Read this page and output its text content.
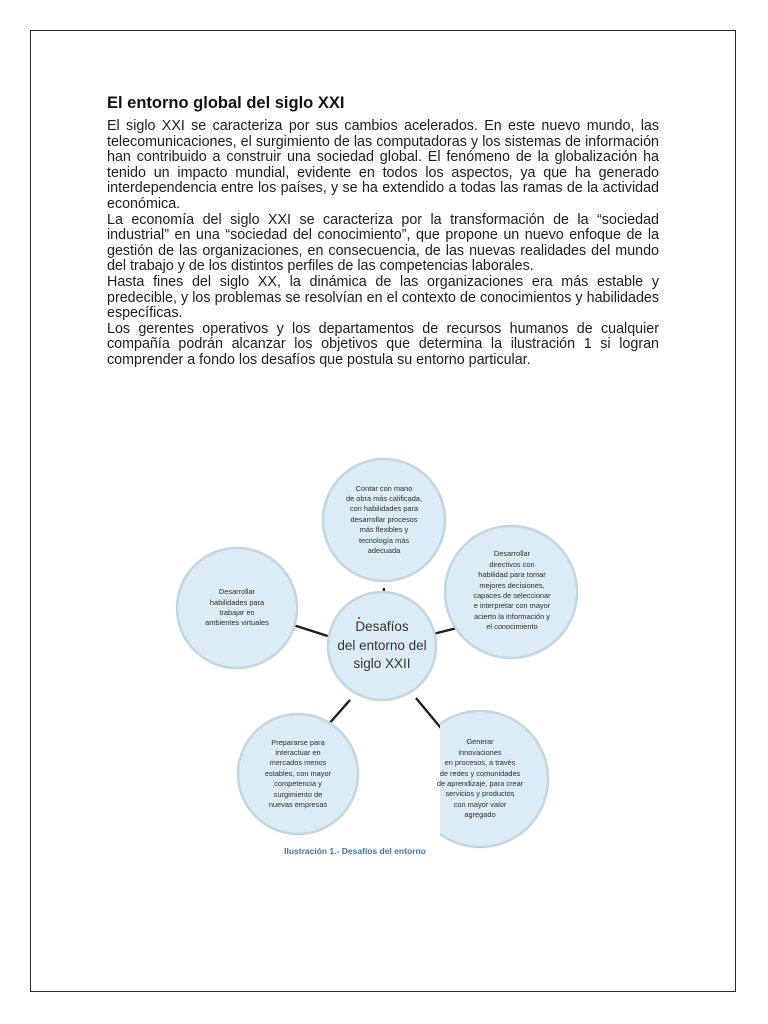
El entorno global del siglo XXI

El siglo XXI se caracteriza por sus cambios acelerados. En este nuevo mundo, las telecomunicaciones, el surgimiento de las computadoras y los sistemas de información han contribuido a construir una sociedad global. El fenómeno de la globalización ha tenido un impacto mundial, evidente en todos los aspectos, ya que ha generado interdependencia entre los países, y se ha extendido a todas las ramas de la actividad económica.

La economía del siglo XXI se caracteriza por la transformación de la “sociedad industrial” en una “sociedad del conocimiento”, que propone un nuevo enfoque de la gestión de las organizaciones, en consecuencia, de las nuevas realidades del mundo del trabajo y de los distintos perfiles de las competencias laborales.

Hasta fines del siglo XX, la dinámica de las organizaciones era más estable y predecible, y los problemas se resolvían en el contexto de conocimientos y habilidades específicas.

Los gerentes operativos y los departamentos de recursos humanos de cualquier compañía podrán alcanzar los objetivos que determina la ilustración 1 si logran comprender a fondo los desafíos que postula su entorno particular.

Contar con mano
de obra más calificada,
con habilidades para
desarrollar procesos
más flexibles y
tecnología más
adecuada
Desarrollar
habilidades para
trabajar en
ambientes virtuales	Desafíos
del entorno del
siglo XXII
Prepararse para
interactuar en
mercados menos
estables, con mayor
competencia y
surgimiento de
nuevas empresas
Desarrollar
directivos con
habilidad para tomar
mejores decisiones,
capaces de seleccionar
e interpretar con mayor
acierto la información y
el conocimiento
Generar
innovaciones
en procesos, a través
de redes y comunidades
de aprendizaje, para crear
servicios y productos
con mayor valor
agregado
Ilustración 1.- Desafíos del entorno
